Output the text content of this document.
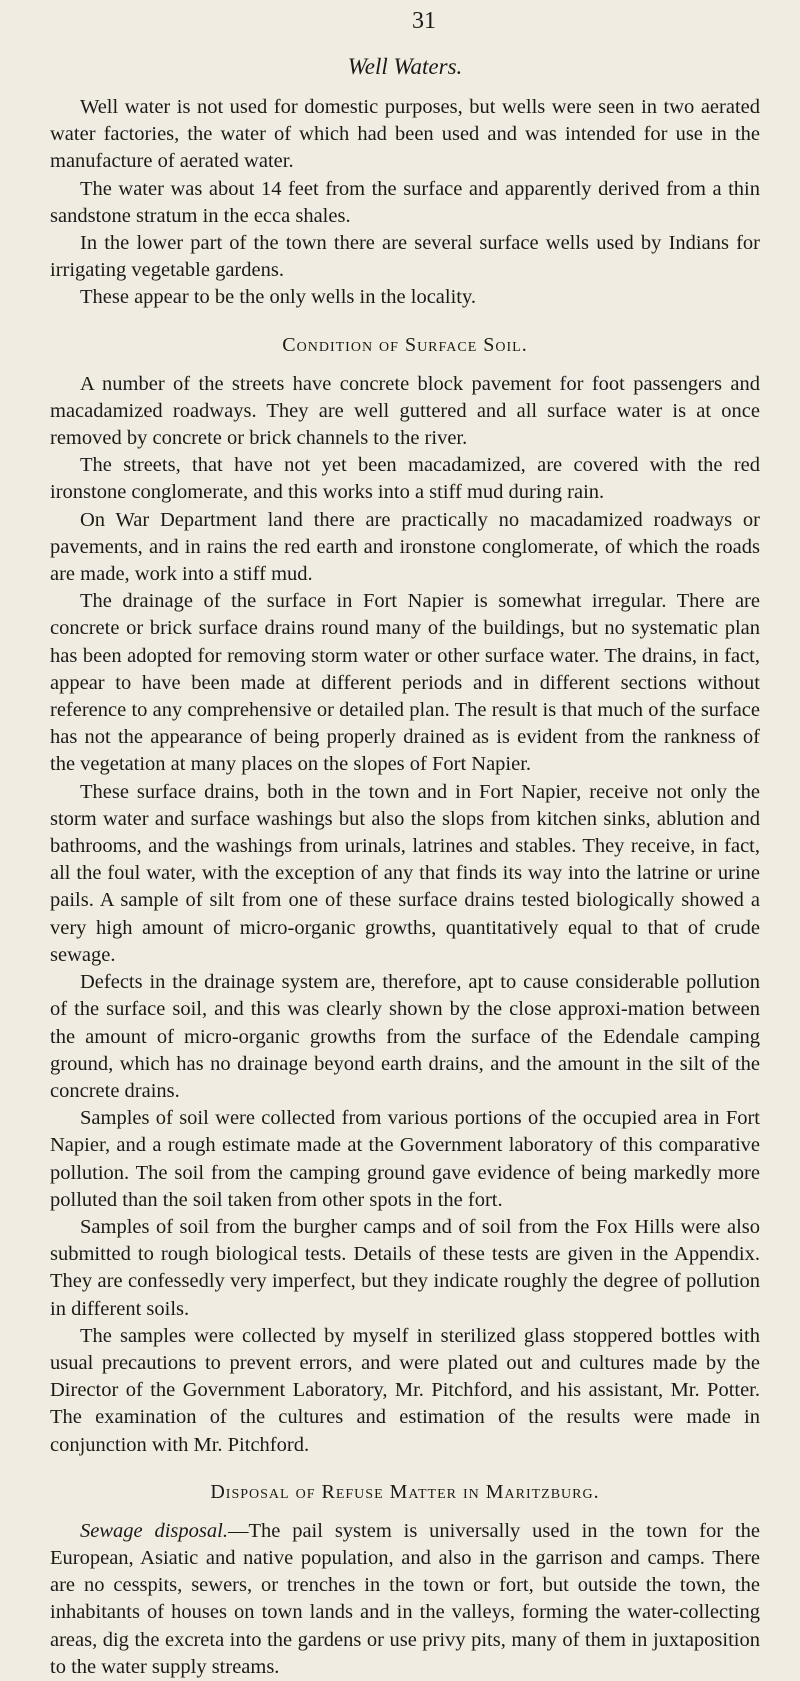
31
Well Waters.

Well water is not used for domestic purposes, but wells were seen in two aerated water factories, the water of which had been used and was intended for use in the manufacture of aerated water.

The water was about 14 feet from the surface and apparently derived from a thin sandstone stratum in the ecca shales.

In the lower part of the town there are several surface wells used by Indians for irrigating vegetable gardens.

These appear to be the only wells in the locality.

Condition of Surface Soil.

A number of the streets have concrete block pavement for foot passengers and macadamized roadways. They are well guttered and all surface water is at once removed by concrete or brick channels to the river.

The streets, that have not yet been macadamized, are covered with the red ironstone conglomerate, and this works into a stiff mud during rain.

On War Department land there are practically no macadamized roadways or pavements, and in rains the red earth and ironstone conglomerate, of which the roads are made, work into a stiff mud.

The drainage of the surface in Fort Napier is somewhat irregular. There are concrete or brick surface drains round many of the buildings, but no systematic plan has been adopted for removing storm water or other surface water. The drains, in fact, appear to have been made at different periods and in different sections without reference to any comprehensive or detailed plan. The result is that much of the surface has not the appearance of being properly drained as is evident from the rankness of the vegetation at many places on the slopes of Fort Napier.

These surface drains, both in the town and in Fort Napier, receive not only the storm water and surface washings but also the slops from kitchen sinks, ablution and bathrooms, and the washings from urinals, latrines and stables. They receive, in fact, all the foul water, with the exception of any that finds its way into the latrine or urine pails. A sample of silt from one of these surface drains tested biologically showed a very high amount of micro-organic growths, quantitatively equal to that of crude sewage.

Defects in the drainage system are, therefore, apt to cause considerable pollution of the surface soil, and this was clearly shown by the close approxi-mation between the amount of micro-organic growths from the surface of the Edendale camping ground, which has no drainage beyond earth drains, and the amount in the silt of the concrete drains.

Samples of soil were collected from various portions of the occupied area in Fort Napier, and a rough estimate made at the Government laboratory of this comparative pollution. The soil from the camping ground gave evidence of being markedly more polluted than the soil taken from other spots in the fort.

Samples of soil from the burgher camps and of soil from the Fox Hills were also submitted to rough biological tests. Details of these tests are given in the Appendix. They are confessedly very imperfect, but they indicate roughly the degree of pollution in different soils.

The samples were collected by myself in sterilized glass stoppered bottles with usual precautions to prevent errors, and were plated out and cultures made by the Director of the Government Laboratory, Mr. Pitchford, and his assistant, Mr. Potter. The examination of the cultures and estimation of the results were made in conjunction with Mr. Pitchford.

Disposal of Refuse Matter in Maritzburg.

Sewage disposal.—The pail system is universally used in the town for the European, Asiatic and native population, and also in the garrison and camps. There are no cesspits, sewers, or trenches in the town or fort, but outside the town, the inhabitants of houses on town lands and in the valleys, forming the water-collecting areas, dig the excreta into the gardens or use privy pits, many of them in juxtaposition to the water supply streams.
